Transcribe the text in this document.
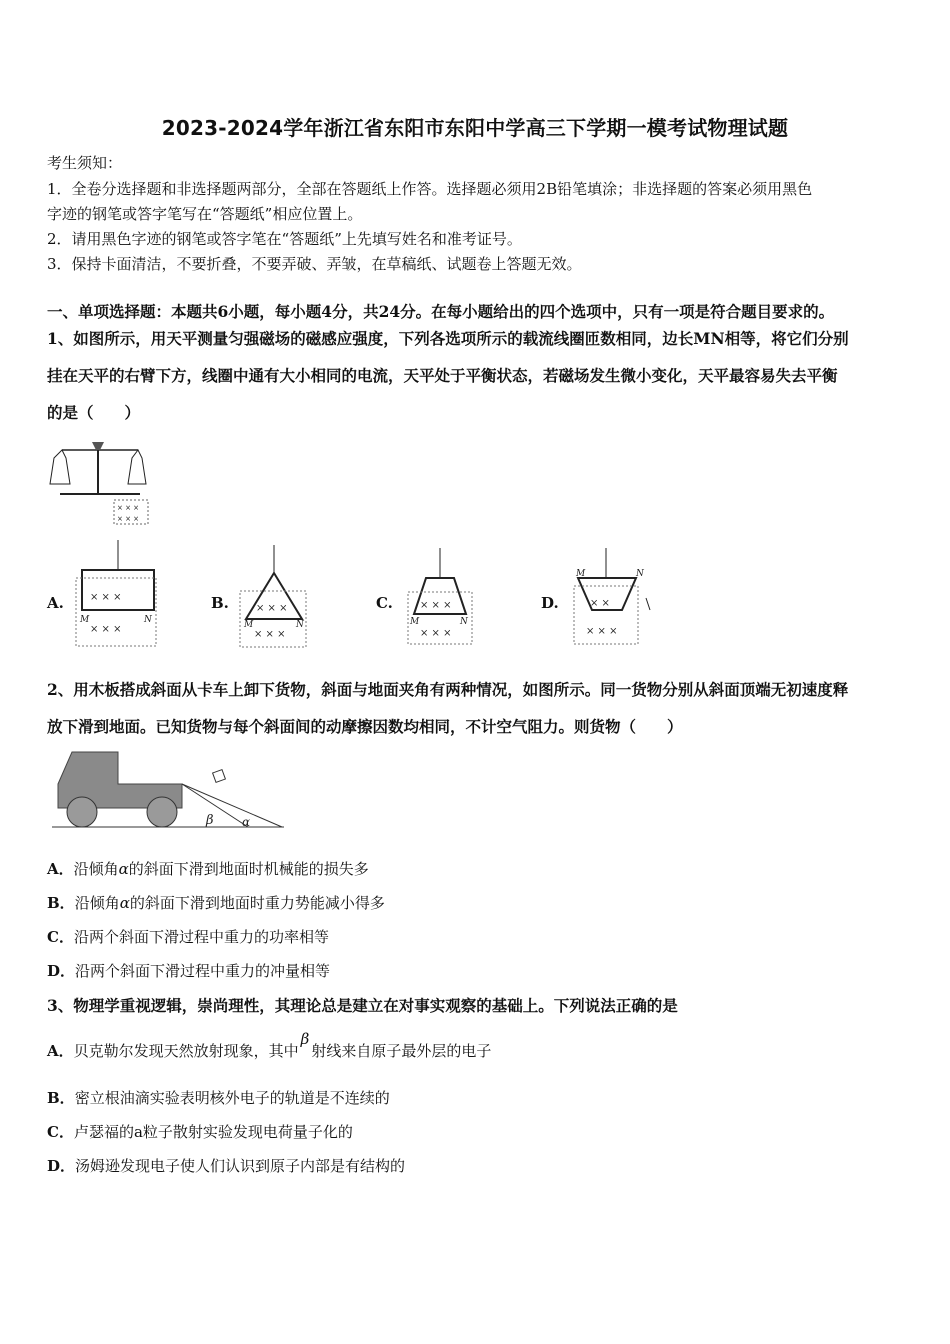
2023-2024学年浙江省东阳市东阳中学高三下学期一模考试物理试题
考生须知：
1．全卷分选择题和非选择题两部分，全部在答题纸上作答。选择题必须用2B铅笔填涂；非选择题的答案必须用黑色
字迹的钢笔或答字笔写在“答题纸”相应位置上。
2．请用黑色字迹的钢笔或答字笔在“答题纸”上先填写姓名和准考证号。
3．保持卡面清洁，不要折叠，不要弄破、弄皱，在草稿纸、试题卷上答题无效。
一、单项选择题：本题共6小题，每小题4分，共24分。在每小题给出的四个选项中，只有一项是符合题目要求的。
1、如图所示，用天平测量匀强磁场的磁感应强度，下列各选项所示的载流线圈匝数相同，边长MN相等，将它们分别
挂在天平的右臂下方，线圈中通有大小相同的电流，天平处于平衡状态，若磁场发生微小变化，天平最容易失去平衡
的是（　　）
× × ×
× × ×
A.	× × ×
× × ×
M	N
B.	× × ×
× × ×
M	N
C.	× × ×
× × ×
M	N
D.	× ×
× × ×
M	N
2、用木板搭成斜面从卡车上卸下货物，斜面与地面夹角有两种情况，如图所示。同一货物分别从斜面顶端无初速度释
放下滑到地面。已知货物与每个斜面间的动摩擦因数均相同，不计空气阻力。则货物（　　）
β α
A．沿倾角α的斜面下滑到地面时机械能的损失多
B．沿倾角α的斜面下滑到地面时重力势能减小得多
C．沿两个斜面下滑过程中重力的功率相等
D．沿两个斜面下滑过程中重力的冲量相等
3、物理学重视逻辑，崇尚理性，其理论总是建立在对事实观察的基础上。下列说法正确的是
A．贝克勒尔发现天然放射现象，其中β射线来自原子最外层的电子
B．密立根油滴实验表明核外电子的轨道是不连续的
C．卢瑟福的a粒子散射实验发现电荷量子化的
D．汤姆逊发现电子使人们认识到原子内部是有结构的
